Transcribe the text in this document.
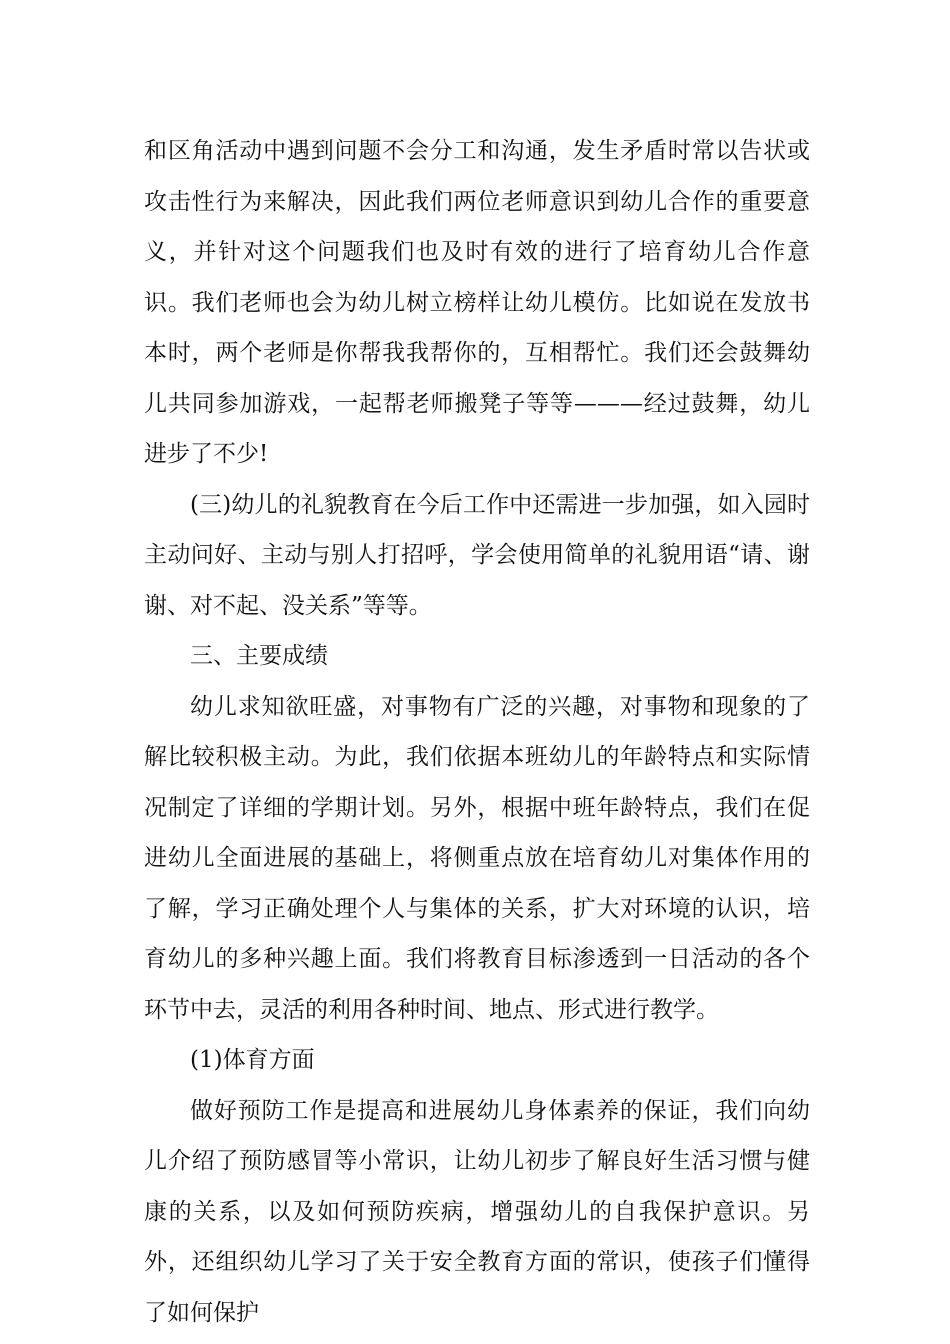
和区角活动中遇到问题不会分工和沟通，发生矛盾时常以告状或攻击性行为来解决，因此我们两位老师意识到幼儿合作的重要意义，并针对这个问题我们也及时有效的进行了培育幼儿合作意识。我们老师也会为幼儿树立榜样让幼儿模仿。比如说在发放书本时，两个老师是你帮我我帮你的，互相帮忙。我们还会鼓舞幼儿共同参加游戏，一起帮老师搬凳子等等———经过鼓舞，幼儿进步了不少!

(三)幼儿的礼貌教育在今后工作中还需进一步加强，如入园时主动问好、主动与别人打招呼，学会使用简单的礼貌用语“请、谢谢、对不起、没关系”等等。

三、主要成绩

幼儿求知欲旺盛，对事物有广泛的兴趣，对事物和现象的了解比较积极主动。为此，我们依据本班幼儿的年龄特点和实际情况制定了详细的学期计划。另外，根据中班年龄特点，我们在促进幼儿全面进展的基础上，将侧重点放在培育幼儿对集体作用的了解，学习正确处理个人与集体的关系，扩大对环境的认识，培育幼儿的多种兴趣上面。我们将教育目标渗透到一日活动的各个环节中去，灵活的利用各种时间、地点、形式进行教学。

(1)体育方面

做好预防工作是提高和进展幼儿身体素养的保证，我们向幼儿介绍了预防感冒等小常识，让幼儿初步了解良好生活习惯与健康的关系，以及如何预防疾病，增强幼儿的自我保护意识。另外，还组织幼儿学习了关于安全教育方面的常识，使孩子们懂得了如何保护
